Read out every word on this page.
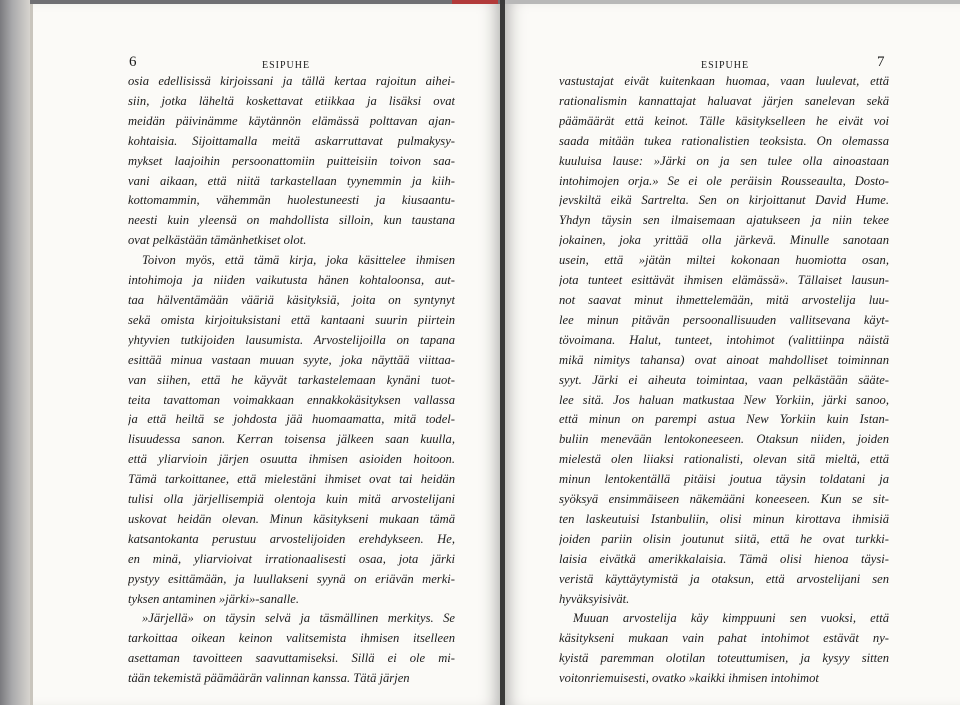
6	ESIPUHE
osia edellisissä kirjoissani ja tällä kertaa rajoitun aihei-
siin, jotka läheltä koskettavat etiikkaa ja lisäksi ovat
meidän päivinämme käytännön elämässä polttavan ajan-
kohtaisia. Sijoittamalla meitä askarruttavat pulmakysy-
mykset laajoihin persoonattomiin puitteisiin toivon saa-
vani aikaan, että niitä tarkastellaan tyynemmin ja kiih-
kottomammin, vähemmän huolestuneesti ja kiusaantu-
neesti kuin yleensä on mahdollista silloin, kun taustana
ovat pelkästään tämänhetkiset olot.
Toivon myös, että tämä kirja, joka käsittelee ihmisen
intohimoja ja niiden vaikutusta hänen kohtaloonsa, aut-
taa hälventämään vääriä käsityksiä, joita on syntynyt
sekä omista kirjoituksistani että kantaani suurin piirtein
yhtyvien tutkijoiden lausumista. Arvostelijoilla on tapana
esittää minua vastaan muuan syyte, joka näyttää viittaa-
van siihen, että he käyvät tarkastelemaan kynäni tuot-
teita tavattoman voimakkaan ennakkokäsityksen vallassa
ja että heiltä se johdosta jää huomaamatta, mitä todel-
lisuudessa sanon. Kerran toisensa jälkeen saan kuulla,
että yliarvioin järjen osuutta ihmisen asioiden hoitoon.
Tämä tarkoittanee, että mielestäni ihmiset ovat tai heidän
tulisi olla järjellisempiä olentoja kuin mitä arvostelijani
uskovat heidän olevan. Minun käsitykseni mukaan tämä
katsantokanta perustuu arvostelijoiden erehdykseen. He,
en minä, yliarvioivat irrationaalisesti osaa, jota järki
pystyy esittämään, ja luullakseni syynä on eriävän merki-
tyksen antaminen »järki»-sanalle.
»Järjellä» on täysin selvä ja täsmällinen merkitys. Se
tarkoittaa oikean keinon valitsemista ihmisen itselleen
asettaman tavoitteen saavuttamiseksi. Sillä ei ole mi-
tään tekemistä päämäärän valinnan kanssa. Tätä järjen
ESIPUHE	7
vastustajat eivät kuitenkaan huomaa, vaan luulevat, että
rationalismin kannattajat haluavat järjen sanelevan sekä
päämäärät että keinot. Tälle käsitykselleen he eivät voi
saada mitään tukea rationalistien teoksista. On olemassa
kuuluisa lause: »Järki on ja sen tulee olla ainoastaan
intohimojen orja.» Se ei ole peräisin Rousseaulta, Dosto-
jevskiltä eikä Sartrelta. Sen on kirjoittanut David Hume.
Yhdyn täysin sen ilmaisemaan ajatukseen ja niin tekee
jokainen, joka yrittää olla järkevä. Minulle sanotaan
usein, että »jätän miltei kokonaan huomiotta osan,
jota tunteet esittävät ihmisen elämässä». Tällaiset lausun-
not saavat minut ihmettelemään, mitä arvostelija luu-
lee minun pitävän persoonallisuuden vallitsevana käyt-
tövoimana. Halut, tunteet, intohimot (valittiinpa näistä
mikä nimitys tahansa) ovat ainoat mahdolliset toiminnan
syyt. Järki ei aiheuta toimintaa, vaan pelkästään sääte-
lee sitä. Jos haluan matkustaa New Yorkiin, järki sanoo,
että minun on parempi astua New Yorkiin kuin Istan-
buliin menevään lentokoneeseen. Otaksun niiden, joiden
mielestä olen liiaksi rationalisti, olevan sitä mieltä, että
minun lentokentällä pitäisi joutua täysin toldatani ja
syöksyä ensimmäiseen näkemääni koneeseen. Kun se sit-
ten laskeutuisi Istanbuliin, olisi minun kirottava ihmisiä
joiden pariin olisin joutunut siitä, että he ovat turkki-
laisia eivätkä amerikkalaisia. Tämä olisi hienoa täysi-
veristä käyttäytymistä ja otaksun, että arvostelijani sen
hyväksyisivät.
Muuan arvostelija käy kimppuuni sen vuoksi, että
käsitykseni mukaan vain pahat intohimot estävät ny-
kyistä paremman olotilan toteuttumisen, ja kysyy sitten
voitonriemuisesti, ovatko »kaikki ihmisen intohimot
